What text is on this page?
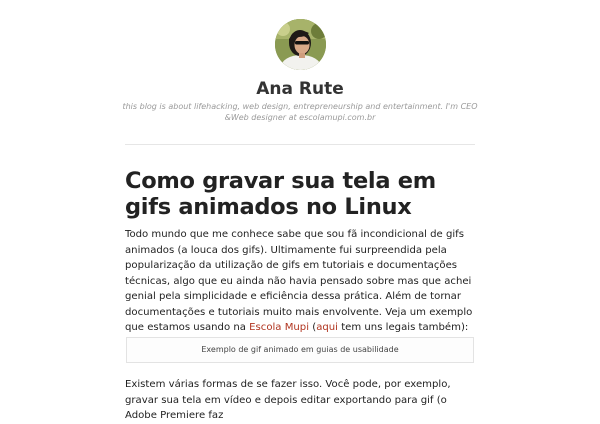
Ana Rute
this blog is about lifehacking, web design, entrepreneurship and entertainment. I'm CEO &Web designer at escolamupi.com.br
Como gravar sua tela em gifs animados no Linux

Todo mundo que me conhece sabe que sou fã incondicional de gifs animados (a louca dos gifs). Ultimamente fui surpreendida pela popularização da utilização de gifs em tutoriais e documentações técnicas, algo que eu ainda não havia pensado sobre mas que achei genial pela simplicidade e eficiência dessa prática. Além de tornar documentações e tutoriais muito mais envolvente. Veja um exemplo que estamos usando na Escola Mupi (aqui tem uns legais também):

Exemplo de gif animado em guias de usabilidade

Existem várias formas de se fazer isso. Você pode, por exemplo, gravar sua tela em vídeo e depois editar exportando para gif (o Adobe Premiere faz
